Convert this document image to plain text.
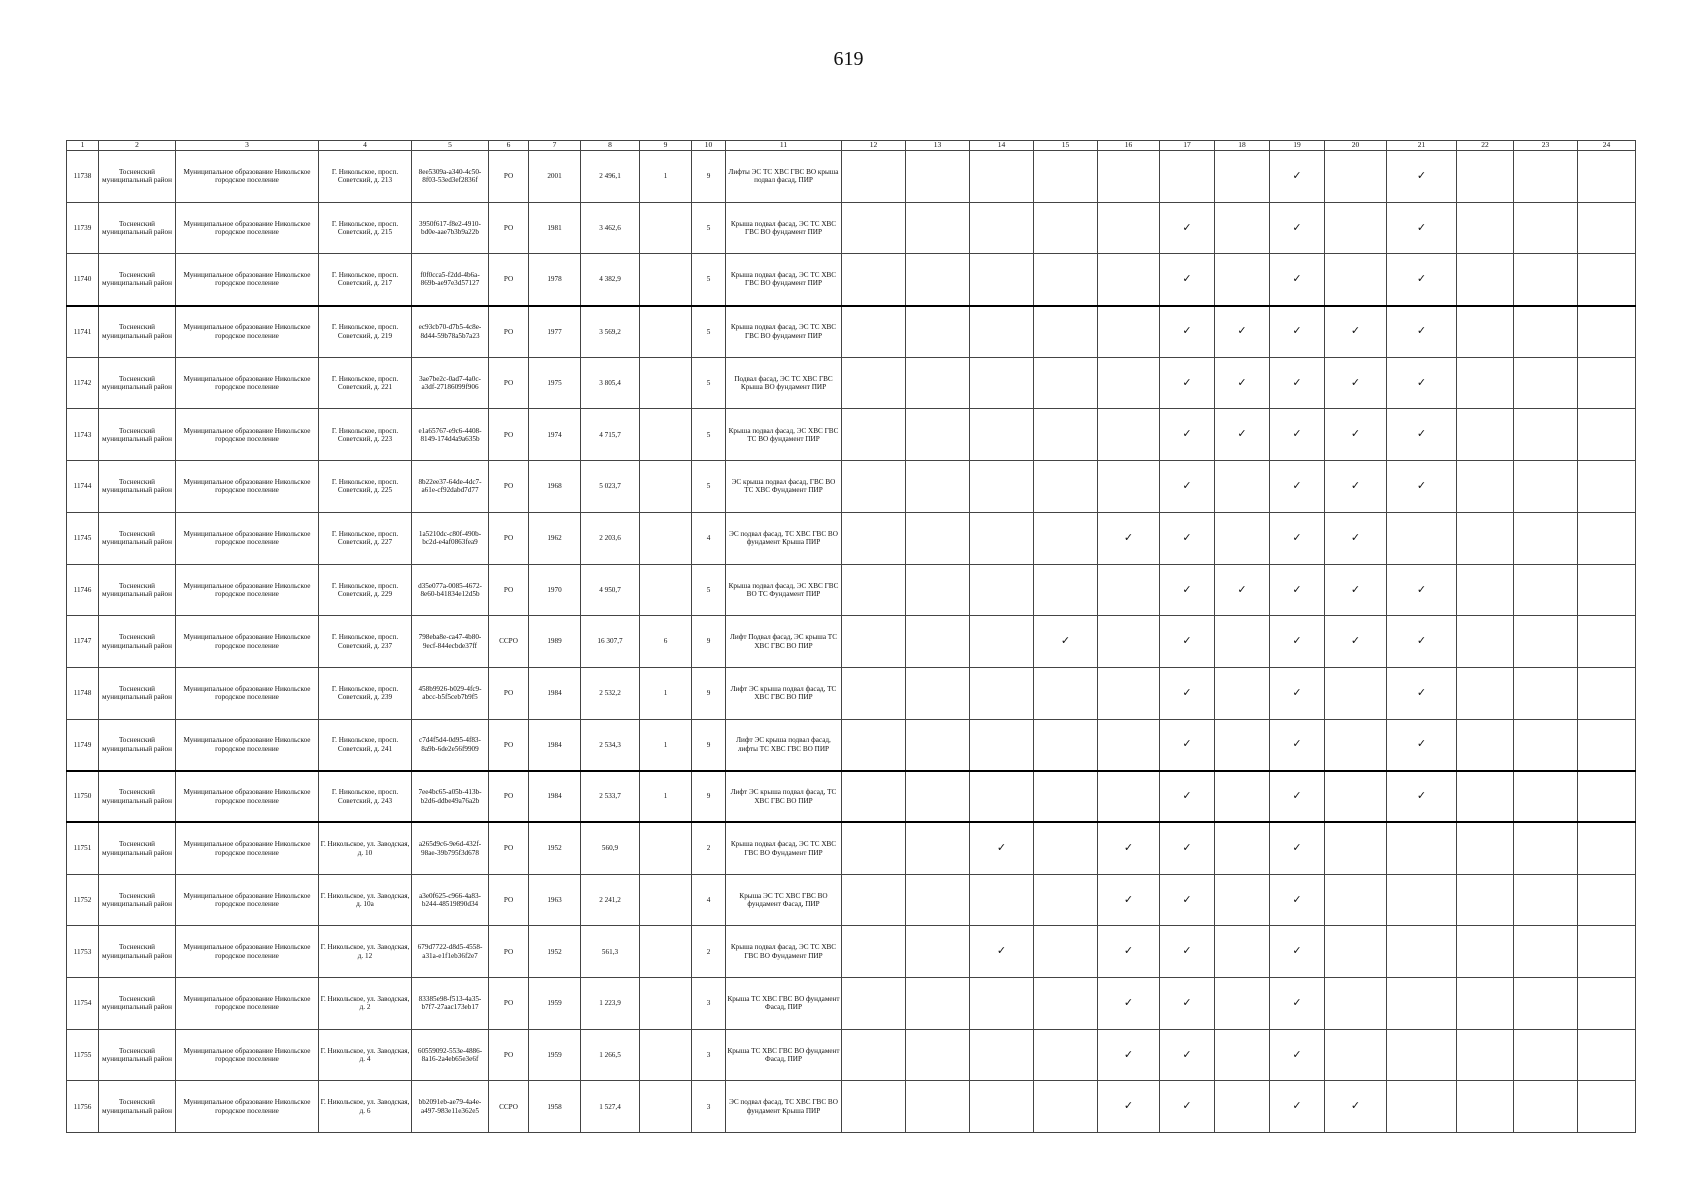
619
1	2	3	4	5	6	7	8	9	10	11	12	13	14	15	16	17	18	19	20	21	22	23	24
11738	Тосненский муниципальный район	Муниципальное образование Никольское городское поселение	Г. Никольское, просп. Советский, д. 213	8ee5309a-a340-4c50-8f03-53ed3ef2836f	РО	2001	2 496,1	1	9	Лифты ЭС ТС ХВС ГВС ВО крыша подвал фасад, ПИР								✓		✓			
11739	Тосненский муниципальный район	Муниципальное образование Никольское городское поселение	Г. Никольское, просп. Советский, д. 215	3950f617-f8e2-4910-bd0e-aae7b3b9a22b	РО	1981	3 462,6		5	Крыша подвал фасад, ЭС ТС ХВС ГВС ВО фундамент ПИР						✓		✓		✓			
11740	Тосненский муниципальный район	Муниципальное образование Никольское городское поселение	Г. Никольское, просп. Советский, д. 217	f0f0cca5-f2dd-4b6a-869b-ae97e3d57127	РО	1978	4 382,9		5	Крыша подвал фасад, ЭС ТС ХВС ГВС ВО фундамент ПИР						✓		✓		✓			
11741	Тосненский муниципальный район	Муниципальное образование Никольское городское поселение	Г. Никольское, просп. Советский, д. 219	ec93cb70-d7b5-4c8e-8d44-59b78a5b7a23	РО	1977	3 569,2		5	Крыша подвал фасад, ЭС ТС ХВС ГВС ВО фундамент ПИР						✓	✓	✓	✓	✓			
11742	Тосненский муниципальный район	Муниципальное образование Никольское городское поселение	Г. Никольское, просп. Советский, д. 221	3ae7be2c-0ad7-4a0c-a3df-27186099f906	РО	1975	3 805,4		5	Подвал фасад, ЭС ТС ХВС ГВС Крыша ВО фундамент ПИР						✓	✓	✓	✓	✓			
11743	Тосненский муниципальный район	Муниципальное образование Никольское городское поселение	Г. Никольское, просп. Советский, д. 223	e1a65767-e9c6-4408-8149-174d4a9a635b	РО	1974	4 715,7		5	Крыша подвал фасад, ЭС ХВС ГВС ТС ВО фундамент ПИР						✓	✓	✓	✓	✓			
11744	Тосненский муниципальный район	Муниципальное образование Никольское городское поселение	Г. Никольское, просп. Советский, д. 225	8b22ee37-64de-4dc7-a61e-cf92dabd7d77	РО	1968	5 023,7		5	ЭС крыша подвал фасад, ГВС ВО ТС ХВС Фундамент ПИР						✓		✓	✓	✓			
11745	Тосненский муниципальный район	Муниципальное образование Никольское городское поселение	Г. Никольское, просп. Советский, д. 227	1a5210dc-c80f-490b-bc2d-e4af0863fea9	РО	1962	2 203,6		4	ЭС подвал фасад, ТС ХВС ГВС ВО фундамент Крыша ПИР					✓	✓		✓	✓				
11746	Тосненский муниципальный район	Муниципальное образование Никольское городское поселение	Г. Никольское, просп. Советский, д. 229	d35e077a-0085-4672-8e60-b41834e12d5b	РО	1970	4 950,7		5	Крыша подвал фасад, ЭС ХВС ГВС ВО ТС Фундамент ПИР						✓	✓	✓	✓	✓			
11747	Тосненский муниципальный район	Муниципальное образование Никольское городское поселение	Г. Никольское, просп. Советский, д. 237	798eba8e-ca47-4b80-9ecf-844ecbde37ff	ССРО	1989	16 307,7	6	9	Лифт Подвал фасад, ЭС крыша ТС ХВС ГВС ВО ПИР				✓		✓		✓	✓	✓			
11748	Тосненский муниципальный район	Муниципальное образование Никольское городское поселение	Г. Никольское, просп. Советский, д. 239	458b9926-b029-4fc9-abcc-b5f5ceb7b9f5	РО	1984	2 532,2	1	9	Лифт ЭС крыша подвал фасад, ТС ХВС ГВС ВО ПИР						✓		✓		✓			
11749	Тосненский муниципальный район	Муниципальное образование Никольское городское поселение	Г. Никольское, просп. Советский, д. 241	c7d4f5d4-0d95-4f83-8a9b-6de2e56f9909	РО	1984	2 534,3	1	9	Лифт ЭС крыша подвал фасад, лифты ТС ХВС ГВС ВО ПИР						✓		✓		✓			
11750	Тосненский муниципальный район	Муниципальное образование Никольское городское поселение	Г. Никольское, просп. Советский, д. 243	7ee4bc65-a05b-413b-b2d6-ddbe49a76a2b	РО	1984	2 533,7	1	9	Лифт ЭС крыша подвал фасад, ТС ХВС ГВС ВО ПИР						✓		✓		✓			
11751	Тосненский муниципальный район	Муниципальное образование Никольское городское поселение	Г. Никольское, ул. Заводская, д. 10	a265d9c6-9e6d-432f-98ae-39b795f3d678	РО	1952	560,9		2	Крыша подвал фасад, ЭС ТС ХВС ГВС ВО Фундамент ПИР			✓		✓	✓		✓					
11752	Тосненский муниципальный район	Муниципальное образование Никольское городское поселение	Г. Никольское, ул. Заводская, д. 10а	a3e0f625-c966-4a83-b244-48519890d34	РО	1963	2 241,2		4	Крыша ЭС ТС ХВС ГВС ВО фундамент Фасад, ПИР					✓	✓		✓					
11753	Тосненский муниципальный район	Муниципальное образование Никольское городское поселение	Г. Никольское, ул. Заводская, д. 12	679d7722-d8d5-4558-a31a-e1f1eb36f2e7	РО	1952	561,3		2	Крыша подвал фасад, ЭС ТС ХВС ГВС ВО Фундамент ПИР			✓		✓	✓		✓					
11754	Тосненский муниципальный район	Муниципальное образование Никольское городское поселение	Г. Никольское, ул. Заводская, д. 2	83385e98-f513-4a35-b7f7-27aac173eb17	РО	1959	1 223,9		3	Крыша ТС ХВС ГВС ВО фундамент Фасад, ПИР					✓	✓		✓					
11755	Тосненский муниципальный район	Муниципальное образование Никольское городское поселение	Г. Никольское, ул. Заводская, д. 4	60559092-553e-4886-8a16-2a4eb65e3e6f	РО	1959	1 266,5		3	Крыша ТС ХВС ГВС ВО фундамент Фасад, ПИР					✓	✓		✓					
11756	Тосненский муниципальный район	Муниципальное образование Никольское городское поселение	Г. Никольское, ул. Заводская, д. 6	bb2091eb-ae79-4a4e-a497-983e11e362e5	ССРО	1958	1 527,4		3	ЭС подвал фасад, ТС ХВС ГВС ВО фундамент Крыша ПИР					✓	✓		✓	✓				
